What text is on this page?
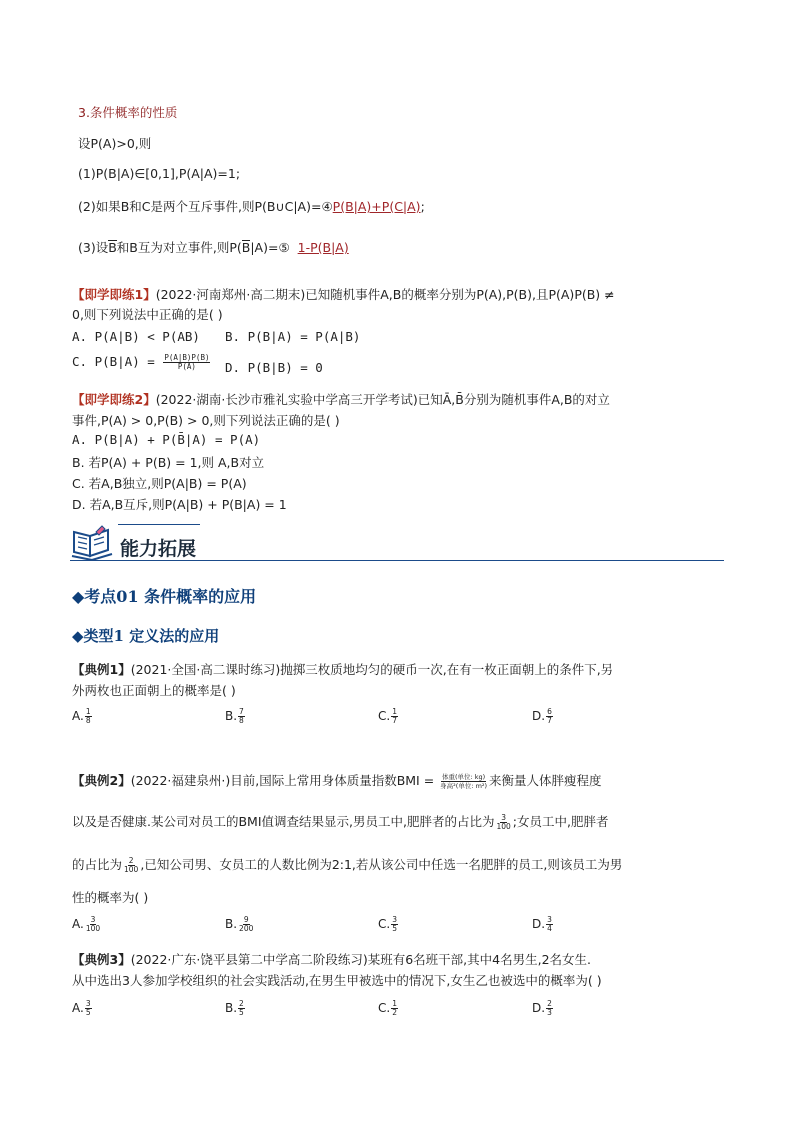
3.条件概率的性质
设P(A)>0,则
(1)P(B|A)∈[0,1],P(A|A)=1;
(2)如果B和C是两个互斥事件,则P(B∪C|A)=④P(B|A)+P(C|A);
(3)设B和B互为对立事件,则P(B|A)=⑤ 1-P(B|A)
【即学即练1】(2022·河南郑州·高二期末)已知随机事件A,B的概率分别为P(A),P(B),且P(A)P(B) ≠
0,则下列说法中正确的是( )
A. P(A|B) < P(AB) B. P(B|A) = P(A|B)
C. $P(B|A) = \frac{P(A|B)P(B)}{P(A)} D$. P(B|B) = 0
【即学即练2】(2022·湖南·长沙市雅礼实验中学高三开学考试)已知Ā,B̄分别为随机事件A,B的对立
事件,P(A) > 0,P(B) > 0,则下列说法正确的是( )
A. P(B|A) + P(B̄|A) = P(A)
B. 若P(A) + P(B) = 1,则 A,B对立
C. 若A,B独立,则P(A|B) = P(A)
D. 若A,B互斥,则P(A|B) + P(B|A) = 1
能力拓展
◆考点01 条件概率的应用
◆类型1 定义法的应用
【典例1】(2021·全国·高二课时练习)抛掷三枚质地均匀的硬币一次,在有一枚正面朝上的条件下,另
外两枚也正面朝上的概率是( )
A. $\frac{1}{8}$	B. $\frac{7}{8}$	C. $\frac{1}{7}$	D. $\frac{6}{7}$
【典例2】(2022·福建泉州·)目前,国际上常用身体质量指数BMI = $\frac{\text{体重(单位: kg)}}{\text{身高²(单位: m²)}}$ 来衡量人体胖瘦程度
以及是否健康.某公司对员工的BMI值调查结果显示,男员工中,肥胖者的占比为 $\frac{3}{100}$ ;女员工中,肥胖者
的占比为 $\frac{2}{100}$ ,已知公司男、女员工的人数比例为2:1,若从该公司中任选一名肥胖的员工,则该员工为男
性的概率为( )
A. $\frac{3}{100}$	B. $\frac{9}{200}$	C. $\frac{3}{5}$	D. $\frac{3}{4}$
【典例3】(2022·广东·饶平县第二中学高二阶段练习)某班有6名班干部,其中4名男生,2名女生.
从中选出3人参加学校组织的社会实践活动,在男生甲被选中的情况下,女生乙也被选中的概率为( )
A. $\frac{3}{5}$	B. $\frac{2}{5}$	C. $\frac{1}{2}$	D. $\frac{2}{3}$
